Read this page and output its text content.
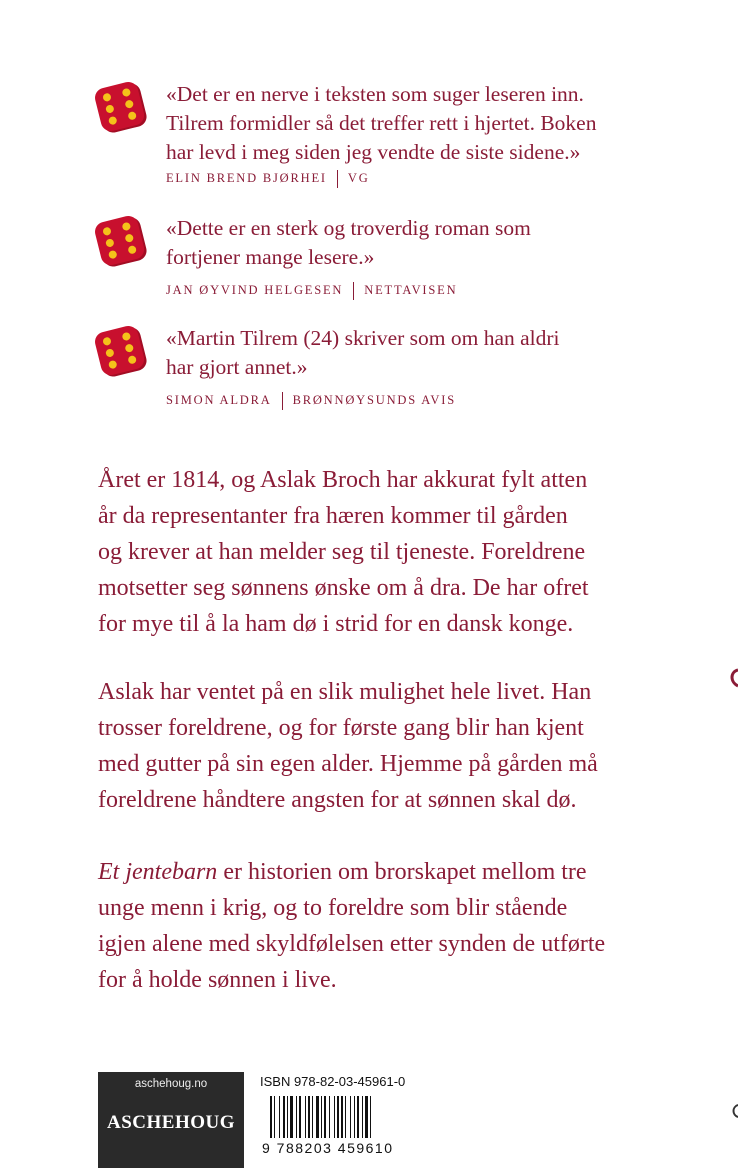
«Det er en nerve i teksten som suger leseren inn.
Tilrem formidler så det treffer rett i hjertet. Boken
har levd i meg siden jeg vendte de siste sidene.»
ELIN BREND BJØRHEI VG
«Dette er en sterk og troverdig roman som
fortjener mange lesere.»
JAN ØYVIND HELGESEN NETTAVISEN
«Martin Tilrem (24) skriver som om han aldri
har gjort annet.»
SIMON ALDRA BRØNNØYSUNDS AVIS

Året er 1814, og Aslak Broch har akkurat fylt atten
år da representanter fra hæren kommer til gården
og krever at han melder seg til tjeneste. Foreldrene
motsetter seg sønnens ønske om å dra. De har ofret
for mye til å la ham dø i strid for en dansk konge.

Aslak har ventet på en slik mulighet hele livet. Han
trosser foreldrene, og for første gang blir han kjent
med gutter på sin egen alder. Hjemme på gården må
foreldrene håndtere angsten for at sønnen skal dø.

Et jentebarn er historien om brorskapet mellom tre
unge menn i krig, og to foreldre som blir stående
igjen alene med skyldfølelsen etter synden de utførte
for å holde sønnen i live.

aschehoug.no
ASCHEHOUG
ISBN 978-82-03-45961-0
9 788203 459610
